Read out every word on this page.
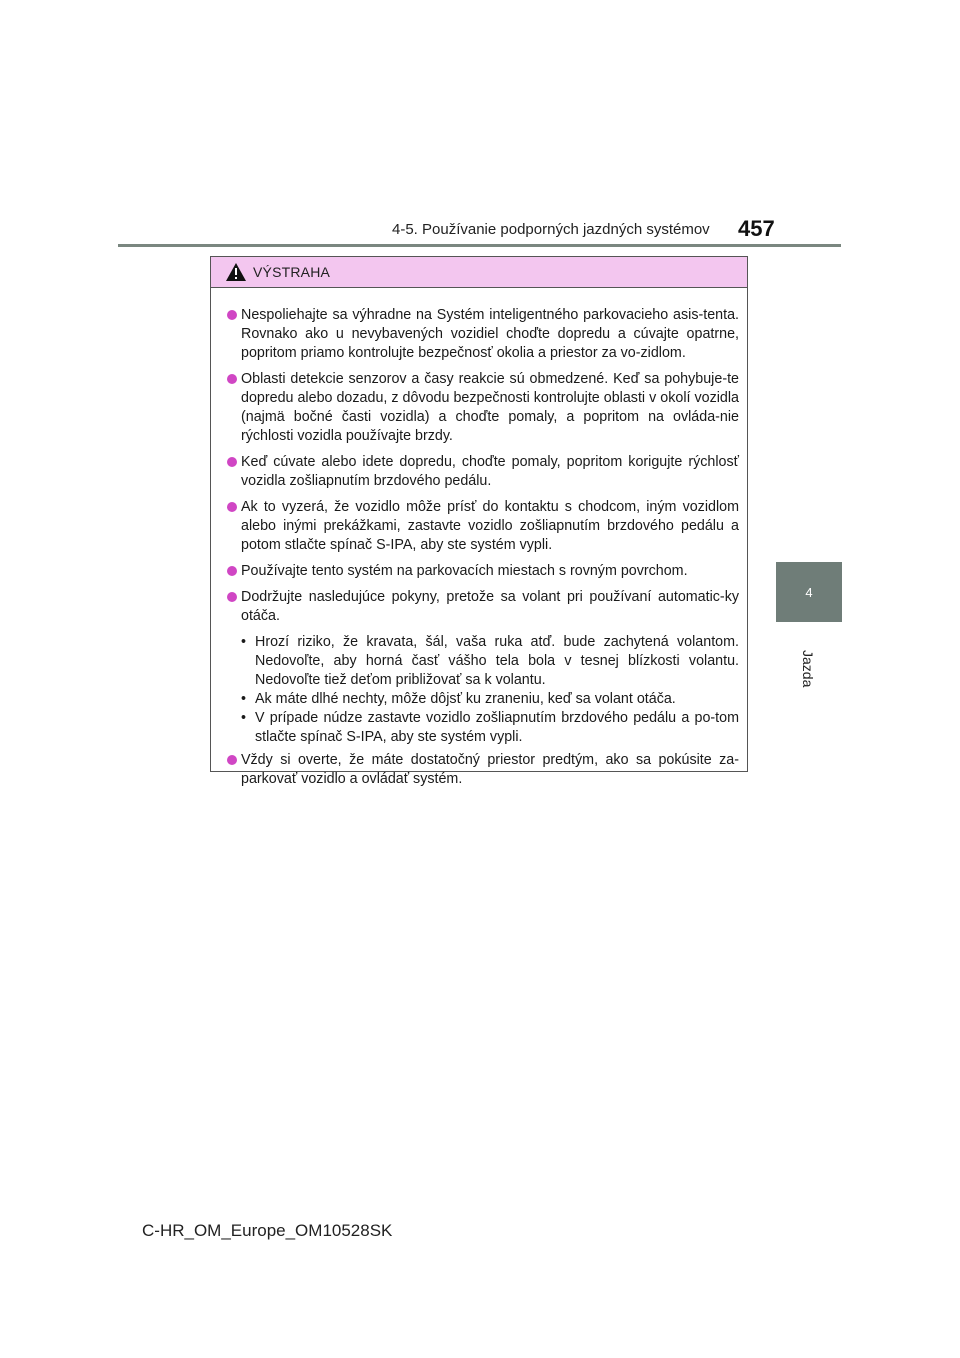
4-5. Používanie podporných jazdných systémov 457
4
Jazda
VÝSTRAHA
Nespoliehajte sa výhradne na Systém inteligentného parkovacieho asis-tenta. Rovnako ako u nevybavených vozidiel choďte dopredu a cúvajte opatrne, popritom priamo kontrolujte bezpečnosť okolia a priestor za vo-zidlom.
Oblasti detekcie senzorov a časy reakcie sú obmedzené. Keď sa pohybuje-te dopredu alebo dozadu, z dôvodu bezpečnosti kontrolujte oblasti v okolí vozidla (najmä bočné časti vozidla) a choďte pomaly, a popritom na ovláda-nie rýchlosti vozidla používajte brzdy.
Keď cúvate alebo idete dopredu, choďte pomaly, popritom korigujte rýchlosť vozidla zošliapnutím brzdového pedálu.
Ak to vyzerá, že vozidlo môže prísť do kontaktu s chodcom, iným vozidlom alebo inými prekážkami, zastavte vozidlo zošliapnutím brzdového pedálu a potom stlačte spínač S-IPA, aby ste systém vypli.
Používajte tento systém na parkovacích miestach s rovným povrchom.
Dodržujte nasledujúce pokyny, pretože sa volant pri používaní automatic-ky otáča.
• Hrozí riziko, že kravata, šál, vaša ruka atď. bude zachytená volantom. Nedovoľte, aby horná časť vášho tela bola v tesnej blízkosti volantu. Nedovoľte tiež deťom približovať sa k volantu.
• Ak máte dlhé nechty, môže dôjsť ku zraneniu, keď sa volant otáča.
• V prípade núdze zastavte vozidlo zošliapnutím brzdového pedálu a po-tom stlačte spínač S-IPA, aby ste systém vypli.
Vždy si overte, že máte dostatočný priestor predtým, ako sa pokúsite za-parkovať vozidlo a ovládať systém.
C-HR_OM_Europe_OM10528SK
